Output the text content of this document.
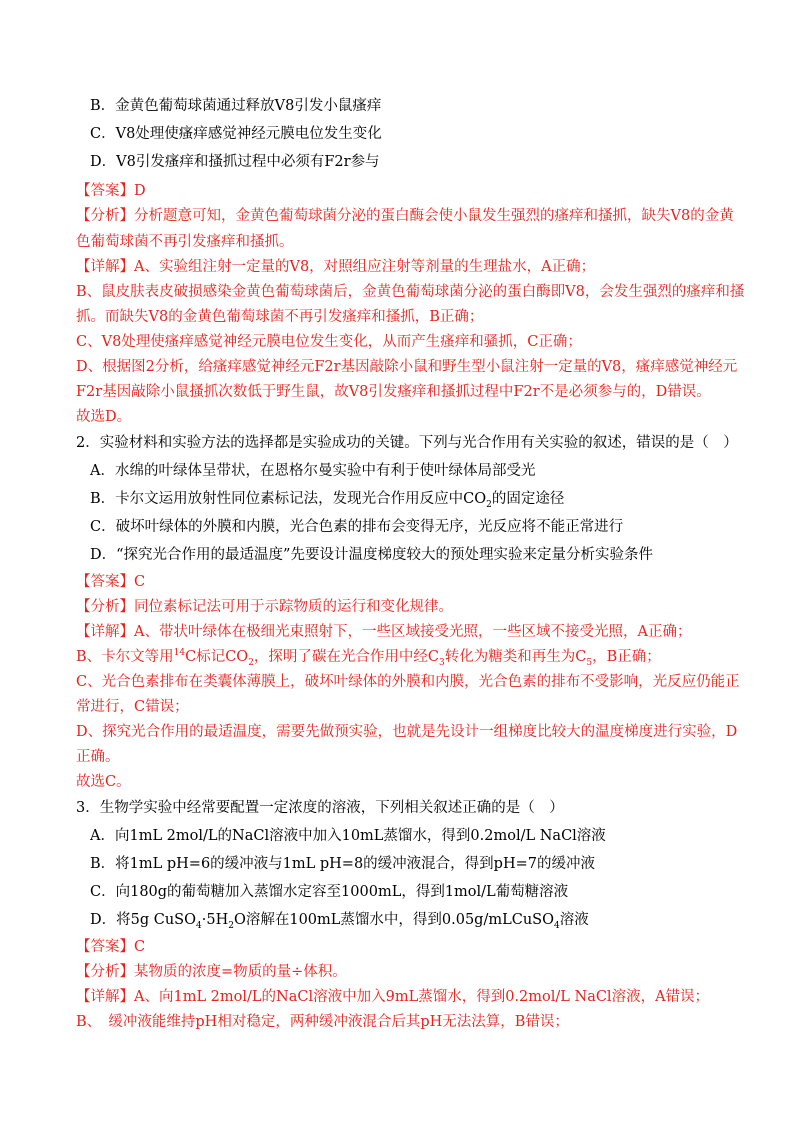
B．金黄色葡萄球菌通过释放V8引发小鼠瘙痒
C．V8处理使瘙痒感觉神经元膜电位发生变化
D．V8引发瘙痒和搔抓过程中必须有F2r参与
【答案】D
【分析】分析题意可知，金黄色葡萄球菌分泌的蛋白酶会使小鼠发生强烈的瘙痒和搔抓，缺失V8的金黄
色葡萄球菌不再引发瘙痒和搔抓。
【详解】A、实验组注射一定量的V8，对照组应注射等剂量的生理盐水，A正确；
B、鼠皮肤表皮破损感染金黄色葡萄球菌后，金黄色葡萄球菌分泌的蛋白酶即V8，会发生强烈的瘙痒和搔
抓。而缺失V8的金黄色葡萄球菌不再引发瘙痒和搔抓，B正确；
C、V8处理使瘙痒感觉神经元膜电位发生变化，从而产生瘙痒和骚抓，C正确；
D、根据图2分析，给瘙痒感觉神经元F2r基因敲除小鼠和野生型小鼠注射一定量的V8，瘙痒感觉神经元
F2r基因敲除小鼠搔抓次数低于野生鼠，故V8引发瘙痒和搔抓过程中F2r不是必须参与的，D错误。
故选D。
2．实验材料和实验方法的选择都是实验成功的关键。下列与光合作用有关实验的叙述，错误的是（　）
A．水绵的叶绿体呈带状，在恩格尔曼实验中有利于使叶绿体局部受光
B．卡尔文运用放射性同位素标记法，发现光合作用反应中$CO_2$的固定途径
C．破坏叶绿体的外膜和内膜，光合色素的排布会变得无序，光反应将不能正常进行
D．“探究光合作用的最适温度”先要设计温度梯度较大的预处理实验来定量分析实验条件
【答案】C
【分析】同位素标记法可用于示踪物质的运行和变化规律。
【详解】A、带状叶绿体在极细光束照射下，一些区域接受光照，一些区域不接受光照，A正确；
B、卡尔文等用$^{14}$C标记$CO_2$，探明了碳在光合作用中经$C_3$转化为糖类和再生为$C_5$，B正确；
C、光合色素排布在类囊体薄膜上，破坏叶绿体的外膜和内膜，光合色素的排布不受影响，光反应仍能正
常进行，C错误；
D、探究光合作用的最适温度，需要先做预实验，也就是先设计一组梯度比较大的温度梯度进行实验，D
正确。
故选C。
3．生物学实验中经常要配置一定浓度的溶液，下列相关叙述正确的是（　）
A．向1mL 2mol/L的NaCl溶液中加入10mL蒸馏水，得到0.2mol/L NaCl溶液
B．将1mL pH=6的缓冲液与1mL pH=8的缓冲液混合，得到pH=7的缓冲液
C．向180g的葡萄糖加入蒸馏水定容至1000mL，得到1mol/L葡萄糖溶液
D．将5g $CuSO_4\cdot 5H_2O$溶解在100mL蒸馏水中，得到0.05g/mLCuSO$_4$溶液
【答案】C
【分析】某物质的浓度=物质的量÷体积。
【详解】A、向1mL 2mol/L的NaCl溶液中加入9mL蒸馏水，得到0.2mol/L NaCl溶液，A错误；
B、　缓冲液能维持pH相对稳定，两种缓冲液混合后其pH无法法算，B错误；
